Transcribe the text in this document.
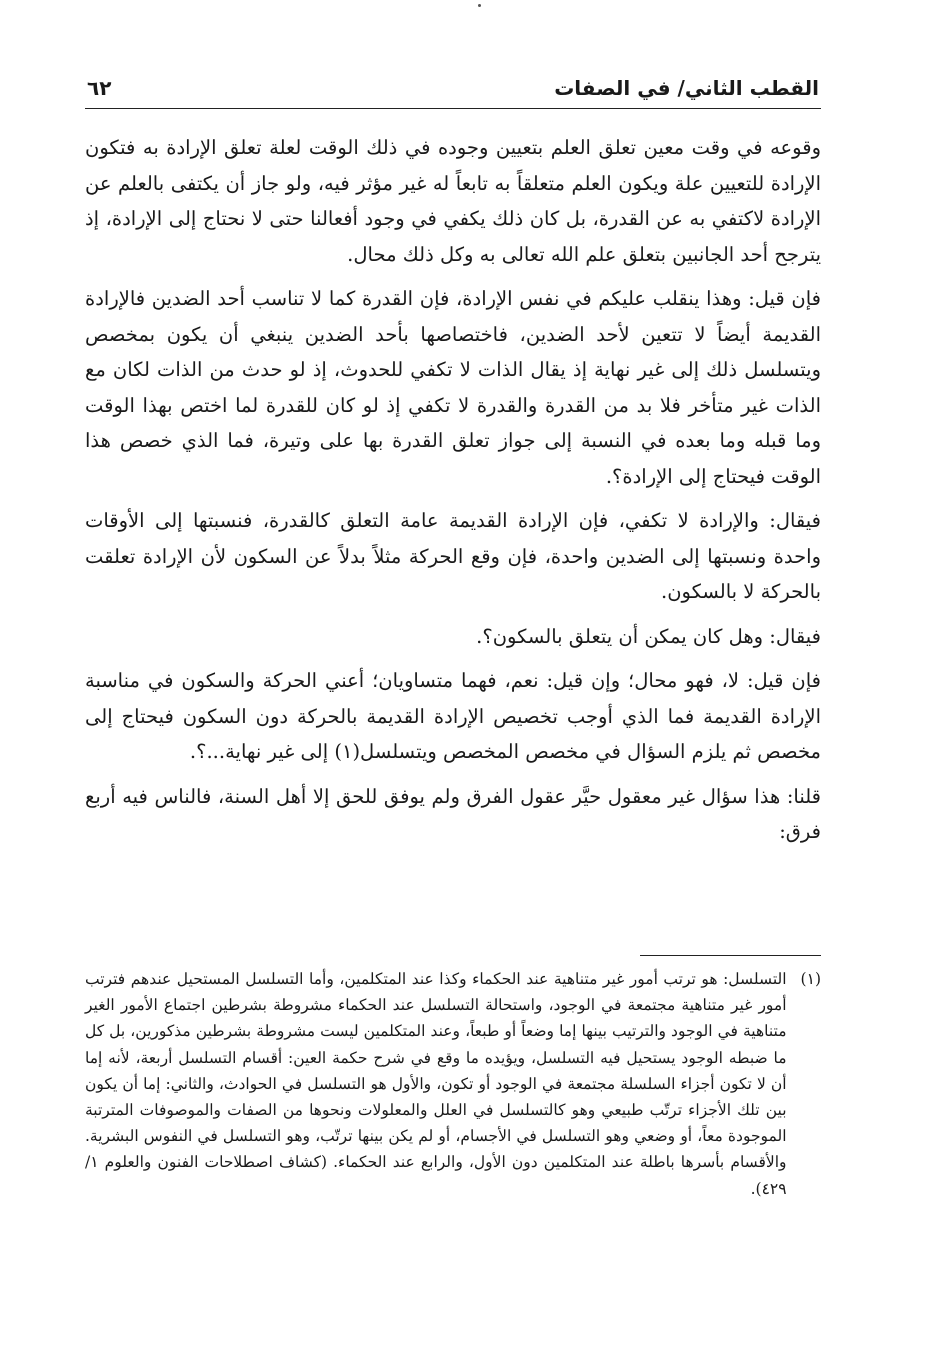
القطب الثاني/ في الصفات
٦٢

وقوعه في وقت معين تعلق العلم بتعيين وجوده في ذلك الوقت لعلة تعلق الإرادة به فتكون الإرادة للتعيين علة ويكون العلم متعلقاً به تابعاً له غير مؤثر فيه، ولو جاز أن يكتفى بالعلم عن الإرادة لاكتفي به عن القدرة، بل كان ذلك يكفي في وجود أفعالنا حتى لا نحتاج إلى الإرادة، إذ يترجح أحد الجانبين بتعلق علم الله تعالى به وكل ذلك محال.

فإن قيل: وهذا ينقلب عليكم في نفس الإرادة، فإن القدرة كما لا تناسب أحد الضدين فالإرادة القديمة أيضاً لا تتعين لأحد الضدين، فاختصاصها بأحد الضدين ينبغي أن يكون بمخصص ويتسلسل ذلك إلى غير نهاية إذ يقال الذات لا تكفي للحدوث، إذ لو حدث من الذات لكان مع الذات غير متأخر فلا بد من القدرة والقدرة لا تكفي إذ لو كان للقدرة لما اختص بهذا الوقت وما قبله وما بعده في النسبة إلى جواز تعلق القدرة بها على وتيرة، فما الذي خصص هذا الوقت فيحتاج إلى الإرادة؟.

فيقال: والإرادة لا تكفي، فإن الإرادة القديمة عامة التعلق كالقدرة، فنسبتها إلى الأوقات واحدة ونسبتها إلى الضدين واحدة، فإن وقع الحركة مثلاً بدلاً عن السكون لأن الإرادة تعلقت بالحركة لا بالسكون.

فيقال: وهل كان يمكن أن يتعلق بالسكون؟.

فإن قيل: لا، فهو محال؛ وإن قيل: نعم، فهما متساويان؛ أعني الحركة والسكون في مناسبة الإرادة القديمة فما الذي أوجب تخصيص الإرادة القديمة بالحركة دون السكون فيحتاج إلى مخصص ثم يلزم السؤال في مخصص المخصص ويتسلسل(١) إلى غير نهاية...؟.

قلنا: هذا سؤال غير معقول حيَّر عقول الفرق ولم يوفق للحق إلا أهل السنة، فالناس فيه أربع فرق:

(١)
التسلسل: هو ترتب أمور غير متناهية عند الحكماء وكذا عند المتكلمين، وأما التسلسل المستحيل عندهم فترتب أمور غير متناهية مجتمعة في الوجود، واستحالة التسلسل عند الحكماء مشروطة بشرطين اجتماع الأمور الغير متناهية في الوجود والترتيب بينها إما وضعاً أو طبعاً، وعند المتكلمين ليست مشروطة بشرطين مذكورين، بل كل ما ضبطه الوجود يستحيل فيه التسلسل، ويؤيده ما وقع في شرح حكمة العين: أقسام التسلسل أربعة، لأنه إما أن لا تكون أجزاء السلسلة مجتمعة في الوجود أو تكون، والأول هو التسلسل في الحوادث، والثاني: إما أن يكون بين تلك الأجزاء ترتّب طبيعي وهو كالتسلسل في العلل والمعلولات ونحوها من الصفات والموصوفات المترتبة الموجودة معاً، أو وضعي وهو التسلسل في الأجسام، أو لم يكن بينها ترتّب، وهو التسلسل في النفوس البشرية. والأقسام بأسرها باطلة عند المتكلمين دون الأول، والرابع عند الحكماء. (كشاف اصطلاحات الفنون والعلوم ١/ ٤٢٩).
